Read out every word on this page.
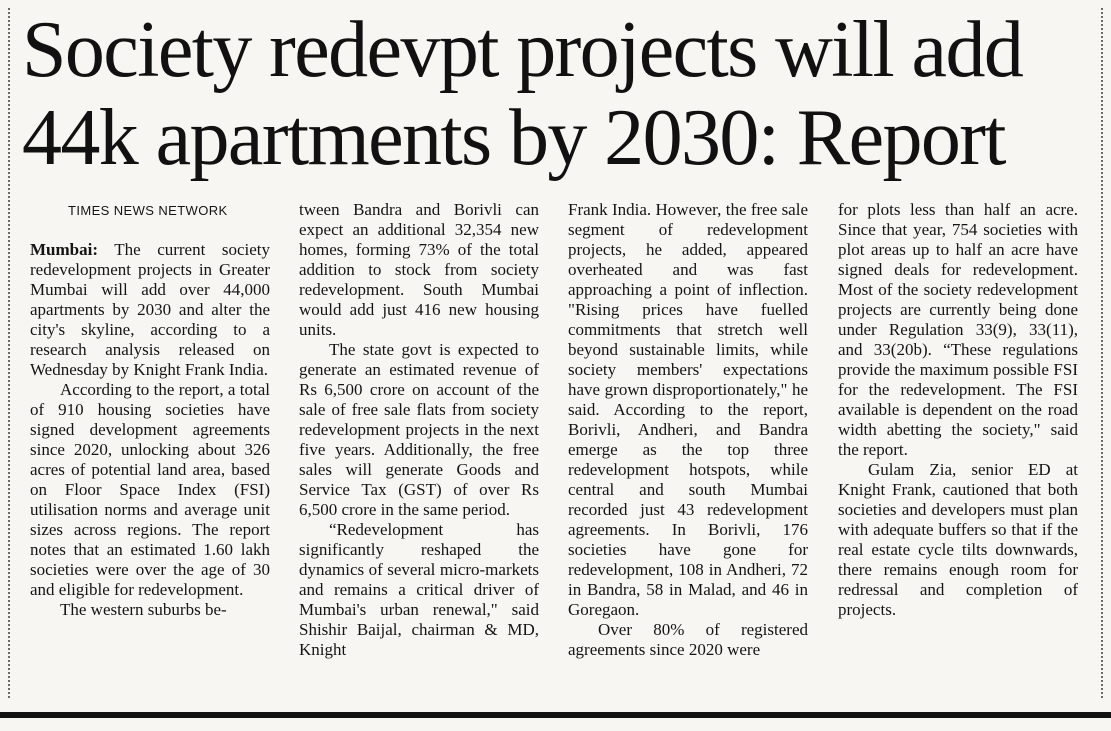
Society redevpt projects will add
44k apartments by 2030: Report
TIMES NEWS NETWORK

Mumbai: The current society redevelopment projects in Greater Mumbai will add over 44,000 apartments by 2030 and alter the city's skyline, according to a research analysis released on Wednesday by Knight Frank India.

According to the report, a total of 910 housing societies have signed development agreements since 2020, unlocking about 326 acres of potential land area, based on Floor Space Index (FSI) utilisation norms and average unit sizes across regions. The report notes that an estimated 1.60 lakh societies were over the age of 30 and eligible for redevelopment.

The western suburbs be-

tween Bandra and Borivli can expect an additional 32,354 new homes, forming 73% of the total addition to stock from society redevelopment. South Mumbai would add just 416 new housing units.

The state govt is expected to generate an estimated revenue of Rs 6,500 crore on account of the sale of free sale flats from society redevelopment projects in the next five years. Additionally, the free sales will generate Goods and Service Tax (GST) of over Rs 6,500 crore in the same period.

“Redevelopment has significantly reshaped the dynamics of several micro-markets and remains a critical driver of Mumbai's urban renewal," said Shishir Baijal, chairman & MD, Knight

Frank India. However, the free sale segment of redevelopment projects, he added, appeared overheated and was fast approaching a point of inflection. "Rising prices have fuelled commitments that stretch well beyond sustainable limits, while society members' expectations have grown disproportionately," he said. According to the report, Borivli, Andheri, and Bandra emerge as the top three redevelopment hotspots, while central and south Mumbai recorded just 43 redevelopment agreements. In Borivli, 176 societies have gone for redevelopment, 108 in Andheri, 72 in Bandra, 58 in Malad, and 46 in Goregaon.

Over 80% of registered agreements since 2020 were

for plots less than half an acre. Since that year, 754 societies with plot areas up to half an acre have signed deals for redevelopment. Most of the society redevelopment projects are currently being done under Regulation 33(9), 33(11), and 33(20b). “These regulations provide the maximum possible FSI for the redevelopment. The FSI available is dependent on the road width abetting the society," said the report.

Gulam Zia, senior ED at Knight Frank, cautioned that both societies and developers must plan with adequate buffers so that if the real estate cycle tilts downwards, there remains enough room for redressal and completion of projects.
